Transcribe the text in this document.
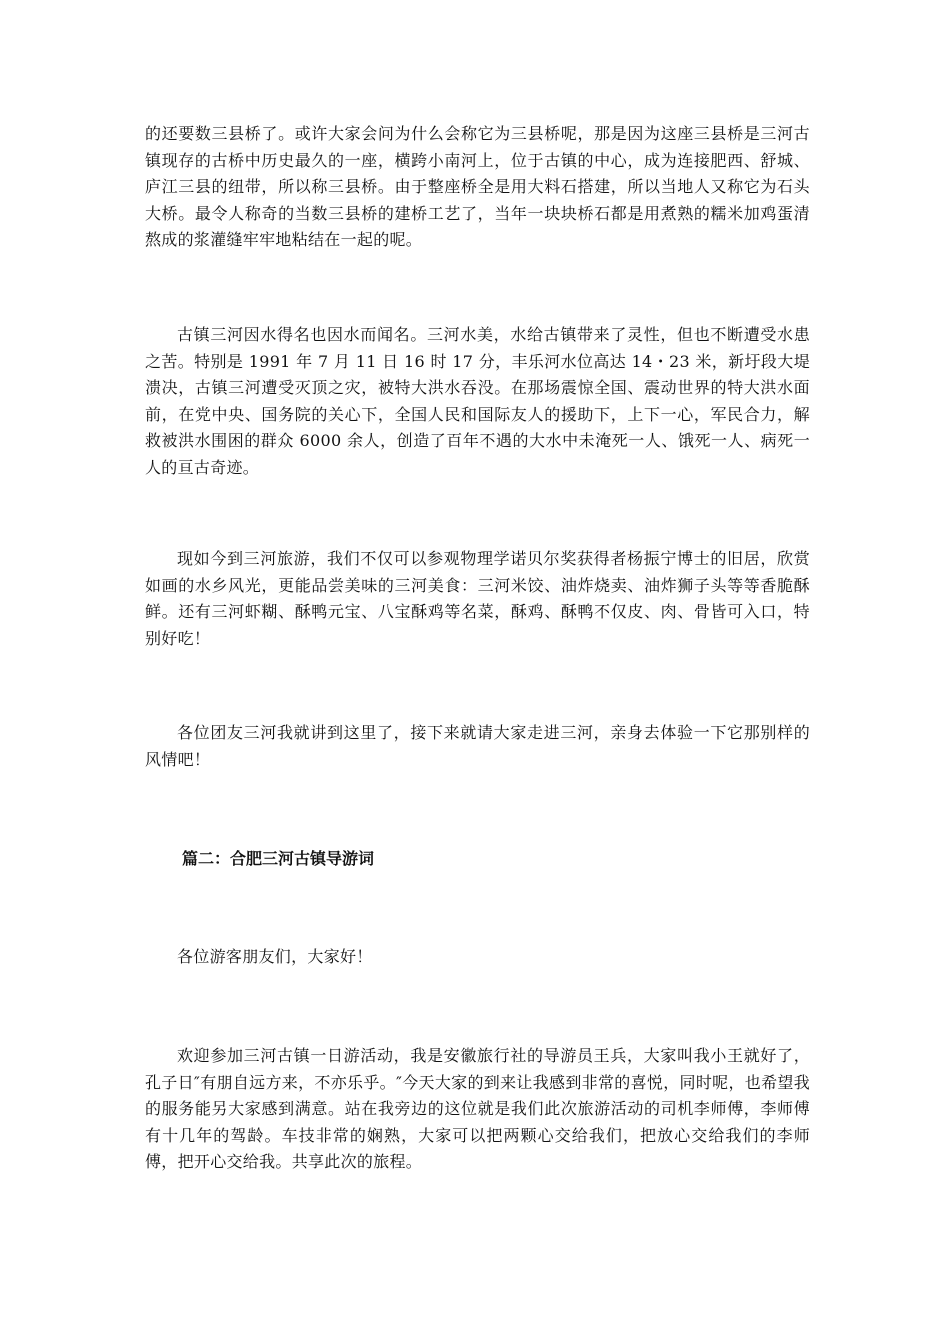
的还要数三县桥了。或许大家会问为什么会称它为三县桥呢，那是因为这座三县桥是三河古镇现存的古桥中历史最久的一座，横跨小南河上，位于古镇的中心，成为连接肥西、舒城、庐江三县的纽带，所以称三县桥。由于整座桥全是用大料石搭建，所以当地人又称它为石头大桥。最令人称奇的当数三县桥的建桥工艺了，当年一块块桥石都是用煮熟的糯米加鸡蛋清熬成的浆灌缝牢牢地粘结在一起的呢。

古镇三河因水得名也因水而闻名。三河水美，水给古镇带来了灵性，但也不断遭受水患之苦。特别是 1991 年 7 月 11 日 16 时 17 分，丰乐河水位高达 14・23 米，新圩段大堤溃决，古镇三河遭受灭顶之灾，被特大洪水吞没。在那场震惊全国、震动世界的特大洪水面前，在党中央、国务院的关心下，全国人民和国际友人的援助下，上下一心，军民合力，解救被洪水围困的群众 6000 余人，创造了百年不遇的大水中未淹死一人、饿死一人、病死一人的亘古奇迹。

现如今到三河旅游，我们不仅可以参观物理学诺贝尔奖获得者杨振宁博士的旧居，欣赏如画的水乡风光，更能品尝美味的三河美食：三河米饺、油炸烧卖、油炸狮子头等等香脆酥鲜。还有三河虾糊、酥鸭元宝、八宝酥鸡等名菜，酥鸡、酥鸭不仅皮、肉、骨皆可入口，特别好吃！

各位团友三河我就讲到这里了，接下来就请大家走进三河，亲身去体验一下它那别样的风情吧！

篇二：合肥三河古镇导游词

各位游客朋友们，大家好！

欢迎参加三河古镇一日游活动，我是安徽旅行社的导游员王兵，大家叫我小王就好了，孔子日″有朋自远方来，不亦乐乎。″今天大家的到来让我感到非常的喜悦，同时呢，也希望我的服务能另大家感到满意。站在我旁边的这位就是我们此次旅游活动的司机李师傅，李师傅有十几年的驾龄。车技非常的娴熟，大家可以把两颗心交给我们，把放心交给我们的李师傅，把开心交给我。共享此次的旅程。
